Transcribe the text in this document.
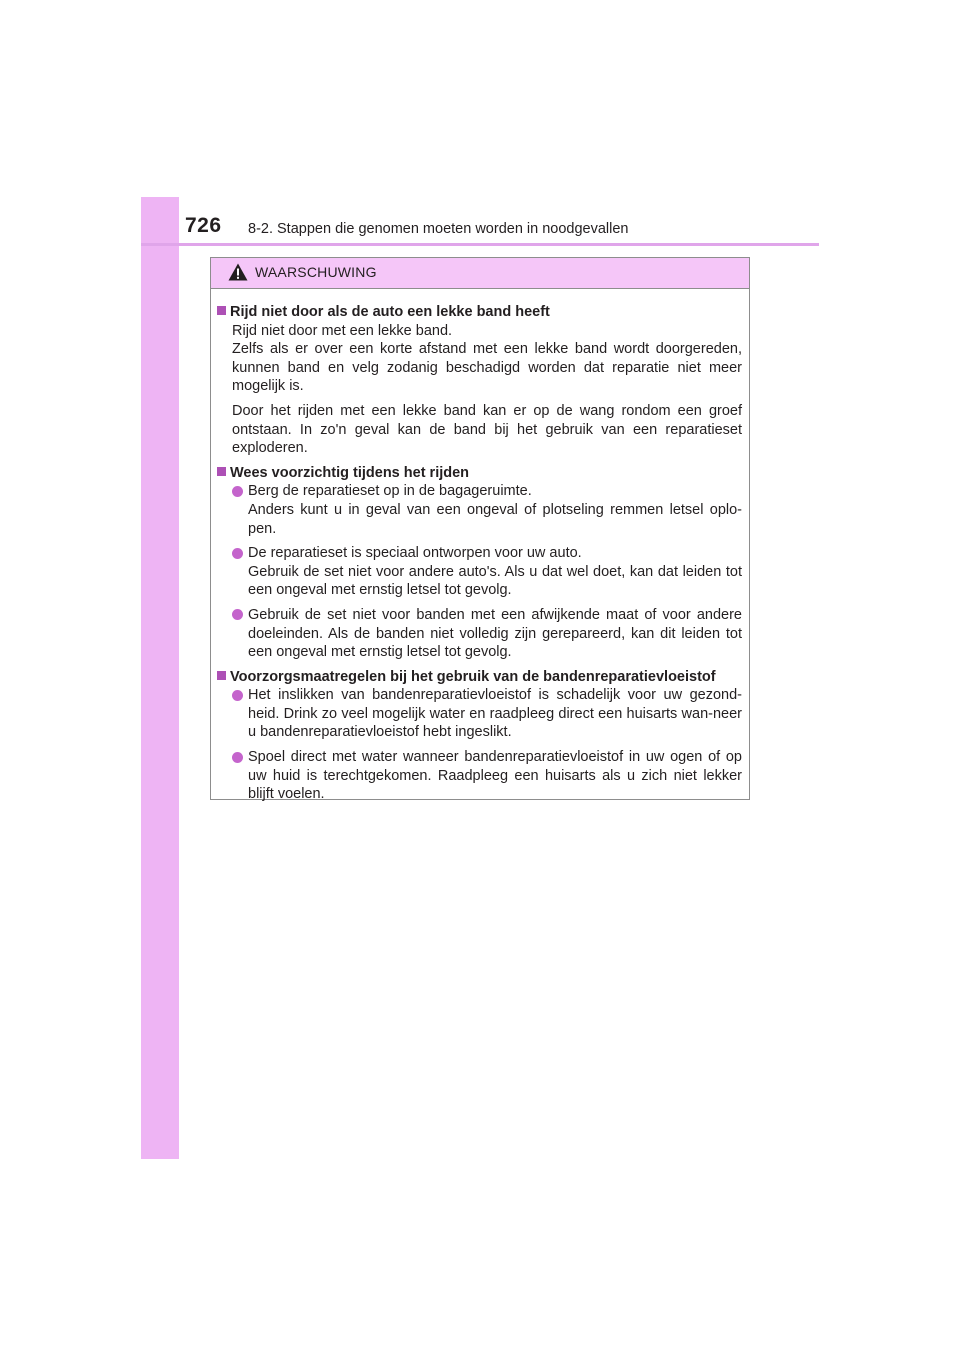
726 8-2. Stappen die genomen moeten worden in noodgevallen
WAARSCHUWING
Rijd niet door als de auto een lekke band heeft
Rijd niet door met een lekke band.
Zelfs als er over een korte afstand met een lekke band wordt doorgereden, kunnen band en velg zodanig beschadigd worden dat reparatie niet meer mogelijk is.
Door het rijden met een lekke band kan er op de wang rondom een groef ontstaan. In zo'n geval kan de band bij het gebruik van een reparatieset exploderen.
Wees voorzichtig tijdens het rijden
Berg de reparatieset op in de bagageruimte.
Anders kunt u in geval van een ongeval of plotseling remmen letsel oplo-pen.
De reparatieset is speciaal ontworpen voor uw auto.
Gebruik de set niet voor andere auto's. Als u dat wel doet, kan dat leiden tot een ongeval met ernstig letsel tot gevolg.
Gebruik de set niet voor banden met een afwijkende maat of voor andere doeleinden. Als de banden niet volledig zijn gerepareerd, kan dit leiden tot een ongeval met ernstig letsel tot gevolg.
Voorzorgsmaatregelen bij het gebruik van de bandenreparatievloeistof
Het inslikken van bandenreparatievloeistof is schadelijk voor uw gezond-heid. Drink zo veel mogelijk water en raadpleeg direct een huisarts wan-neer u bandenreparatievloeistof hebt ingeslikt.
Spoel direct met water wanneer bandenreparatievloeistof in uw ogen of op uw huid is terechtgekomen. Raadpleeg een huisarts als u zich niet lekker blijft voelen.
